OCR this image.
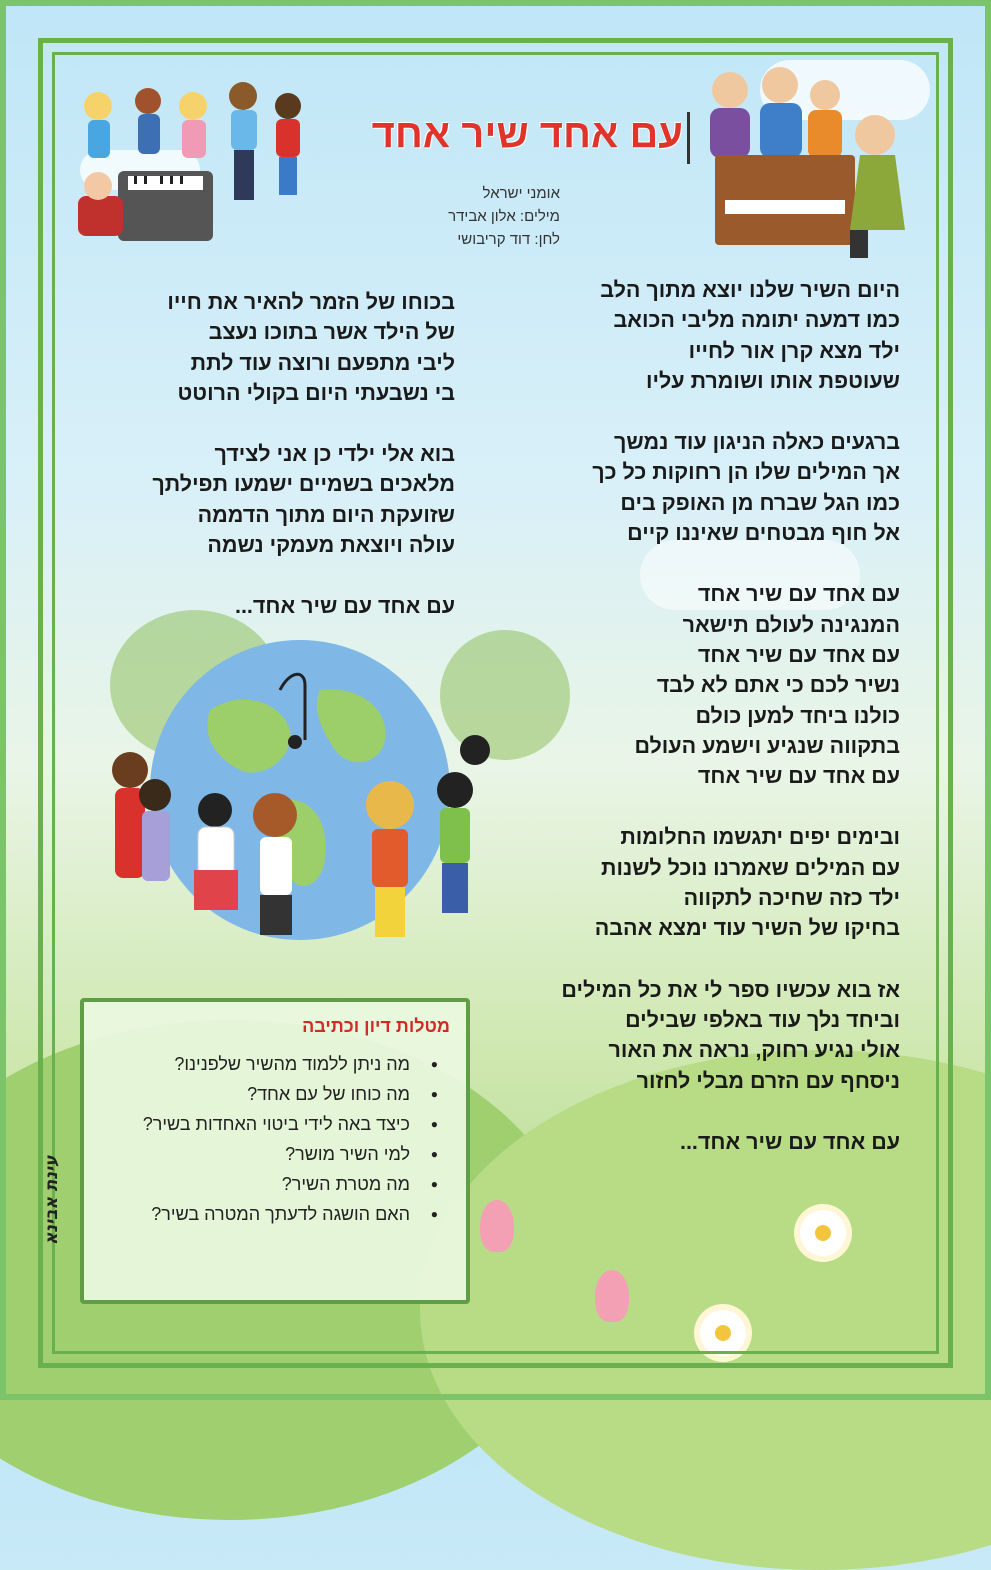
עם אחד שיר אחד
אומני ישראל
מילים: אלון אבידר
לחן: דוד קריבושי
היום השיר שלנו יוצא מתוך הלב
כמו דמעה יתומה מליבי הכואב
ילד מצא קרן אור לחייו
שעוטפת אותו ושומרת עליו
ברגעים כאלה הניגון עוד נמשך
אך המילים שלו הן רחוקות כל כך
כמו הגל שברח מן האופק בים
אל חוף מבטחים שאיננו קיים
עם אחד עם שיר אחד
המנגינה לעולם תישאר
עם אחד עם שיר אחד
נשיר לכם כי אתם לא לבד
כולנו ביחד למען כולם
בתקווה שנגיע וישמע העולם
עם אחד עם שיר אחד
ובימים יפים יתגשמו החלומות
עם המילים שאמרנו נוכל לשנות
ילד כזה שחיכה לתקווה
בחיקו של השיר עוד ימצא אהבה
אז בוא עכשיו ספר לי את כל המילים
וביחד נלך עוד באלפי שבילים
אולי נגיע רחוק, נראה את האור
ניסחף עם הזרם מבלי לחזור
עם אחד עם שיר אחד...
בכוחו של הזמר להאיר את חייו
של הילד אשר בתוכו נעצב
ליבי מתפעם ורוצה עוד לתת
בי נשבעתי היום בקולי הרוטט
בוא אלי ילדי כן אני לצידך
מלאכים בשמיים ישמעו תפילתך
שזועקת היום מתוך הדממה
עולה ויוצאת מעמקי נשמה
עם אחד עם שיר אחד...
מטלות דיון וכתיבה
● מה ניתן ללמוד מהשיר שלפנינו?
● מה כוחו של עם אחד?
● כיצד באה לידי ביטוי האחדות בשיר?
● למי השיר מושר?
● מה מטרת השיר?
● האם הושגה לדעתך המטרה בשיר?
עינת אבינא
